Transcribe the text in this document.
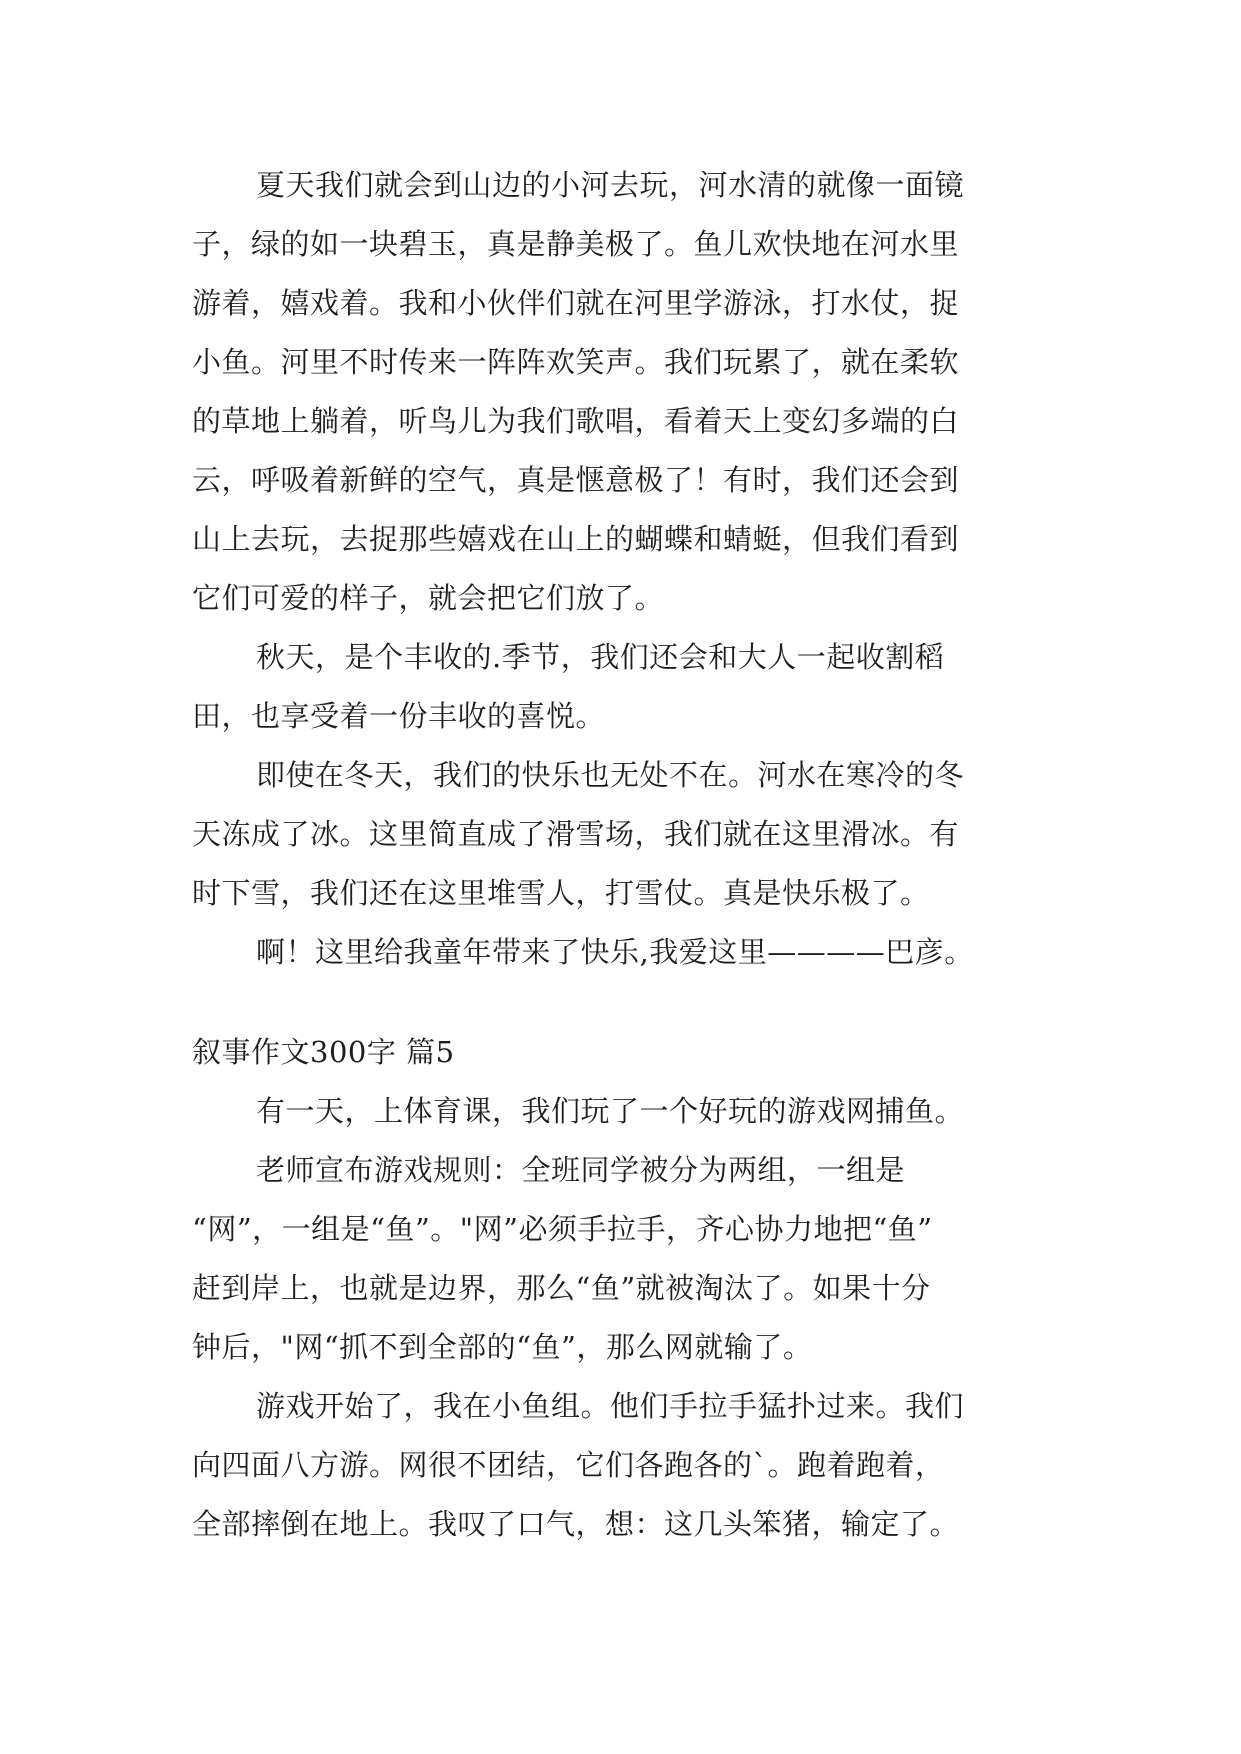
夏天我们就会到山边的小河去玩，河水清的就像一面镜

子，绿的如一块碧玉，真是静美极了。鱼儿欢快地在河水里

游着，嬉戏着。我和小伙伴们就在河里学游泳，打水仗，捉

小鱼。河里不时传来一阵阵欢笑声。我们玩累了，就在柔软

的草地上躺着，听鸟儿为我们歌唱，看着天上变幻多端的白

云，呼吸着新鲜的空气，真是惬意极了！有时，我们还会到

山上去玩，去捉那些嬉戏在山上的蝴蝶和蜻蜓，但我们看到

它们可爱的样子，就会把它们放了。

秋天，是个丰收的.季节，我们还会和大人一起收割稻

田，也享受着一份丰收的喜悦。

即使在冬天，我们的快乐也无处不在。河水在寒冷的冬

天冻成了冰。这里简直成了滑雪场，我们就在这里滑冰。有

时下雪，我们还在这里堆雪人，打雪仗。真是快乐极了。

啊！这里给我童年带来了快乐,我爱这里————巴彦。

叙事作文300字 篇5

有一天，上体育课，我们玩了一个好玩的游戏网捕鱼。

老师宣布游戏规则：全班同学被分为两组，一组是

“网”，一组是“鱼”。"网”必须手拉手，齐心协力地把“鱼”

赶到岸上，也就是边界，那么“鱼”就被淘汰了。如果十分

钟后，"网“抓不到全部的“鱼”，那么网就输了。

游戏开始了，我在小鱼组。他们手拉手猛扑过来。我们

向四面八方游。网很不团结，它们各跑各的`。跑着跑着，

全部摔倒在地上。我叹了口气，想：这几头笨猪，输定了。
